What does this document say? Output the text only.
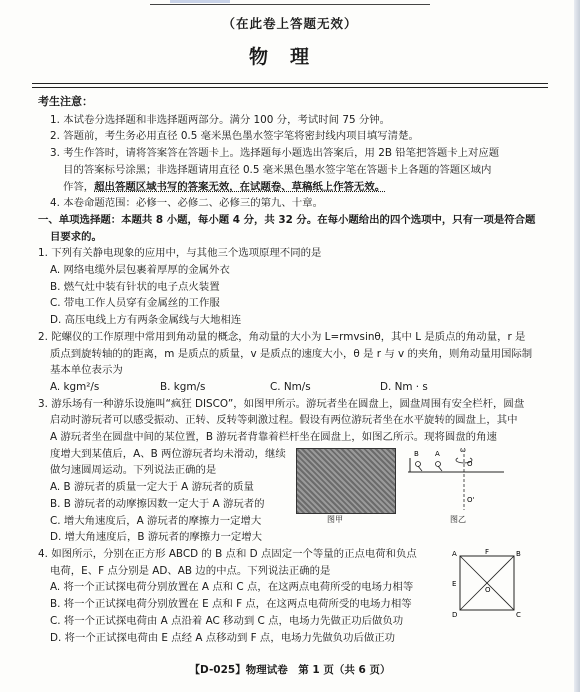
（在此卷上答题无效）
物理

考生注意：

1. 本试卷分选择题和非选择题两部分。满分 100 分，考试时间 75 分钟。

2. 答题前，考生务必用直径 0.5 毫米黑色墨水签字笔将密封线内项目填写清楚。

3. 考生作答时，请将答案答在答题卡上。选择题每小题选出答案后，用 2B 铅笔把答题卡上对应题

目的答案标号涂黑；非选择题请用直径 0.5 毫米黑色墨水签字笔在答题卡上各题的答题区域内

作答，超出答题区域书写的答案无效，在试题卷、草稿纸上作答无效。

4. 本卷命题范围：必修一、必修二、必修三的第九、十章。

一、单项选择题：本题共 8 小题，每小题 4 分，共 32 分。在每小题给出的四个选项中，只有一项是符合题

目要求的。

1. 下列有关静电现象的应用中，与其他三个选项原理不同的是

A. 网络电缆外层包裹着厚厚的金属外衣

B. 燃气灶中装有针状的电子点火装置

C. 带电工作人员穿有金属丝的工作服

D. 高压电线上方有两条金属线与大地相连

2. 陀螺仪的工作原理中常用到角动量的概念，角动量的大小为 L=rmvsinθ，其中 L 是质点的角动量，r 是

质点到旋转轴的的距离，m 是质点的质量，v 是质点的速度大小，θ 是 r 与 v 的夹角，则角动量用国际制

基本单位表示为

A. kgm²/s	B. kgm/s	C. Nm/s	D. Nm · s

3. 游乐场有一种游乐设施叫“疯狂 DISCO”，如图甲所示。游玩者坐在圆盘上，圆盘周围有安全栏杆，圆盘

启动时游玩者可以感受振动、正转、反转等刺激过程。假设有两位游玩者坐在水平旋转的圆盘上，其中

A 游玩者坐在圆盘中间的某位置，B 游玩者背靠着栏杆坐在圆盘上，如图乙所示。现将圆盘的角速

度增大到某值后，A、B 两位游玩者均未滑动，继续

做匀速圆周运动。下列说法正确的是

A. B 游玩者的质量一定大于 A 游玩者的质量

B. B 游玩者的动摩擦因数一定大于 A 游玩者的

C. 增大角速度后，A 游玩者的摩擦力一定增大

D. 增大角速度后，B 游玩者的摩擦力一定增大

4. 如图所示，分别在正方形 ABCD 的 B 点和 D 点固定一个等量的正点电荷和负点

电荷，E、F 点分别是 AD、AB 边的中点。下列说法正确的是

A. 将一个正试探电荷分别放置在 A 点和 C 点，在这两点电荷所受的电场力相等

B. 将一个正试探电荷分别放置在 E 点和 F 点，在这两点电荷所受的电场力相等

C. 将一个正试探电荷由 A 点沿着 AC 移动到 C 点，电场力先做正功后做负功

D. 将一个正试探电荷由 E 点经 A 点移动到 F 点，电场力先做负功后做正功

图甲
B A
O
O'
ω
图乙
A	F	B
E
O
D	C
【D-025】物理试卷　第 1 页（共 6 页）
